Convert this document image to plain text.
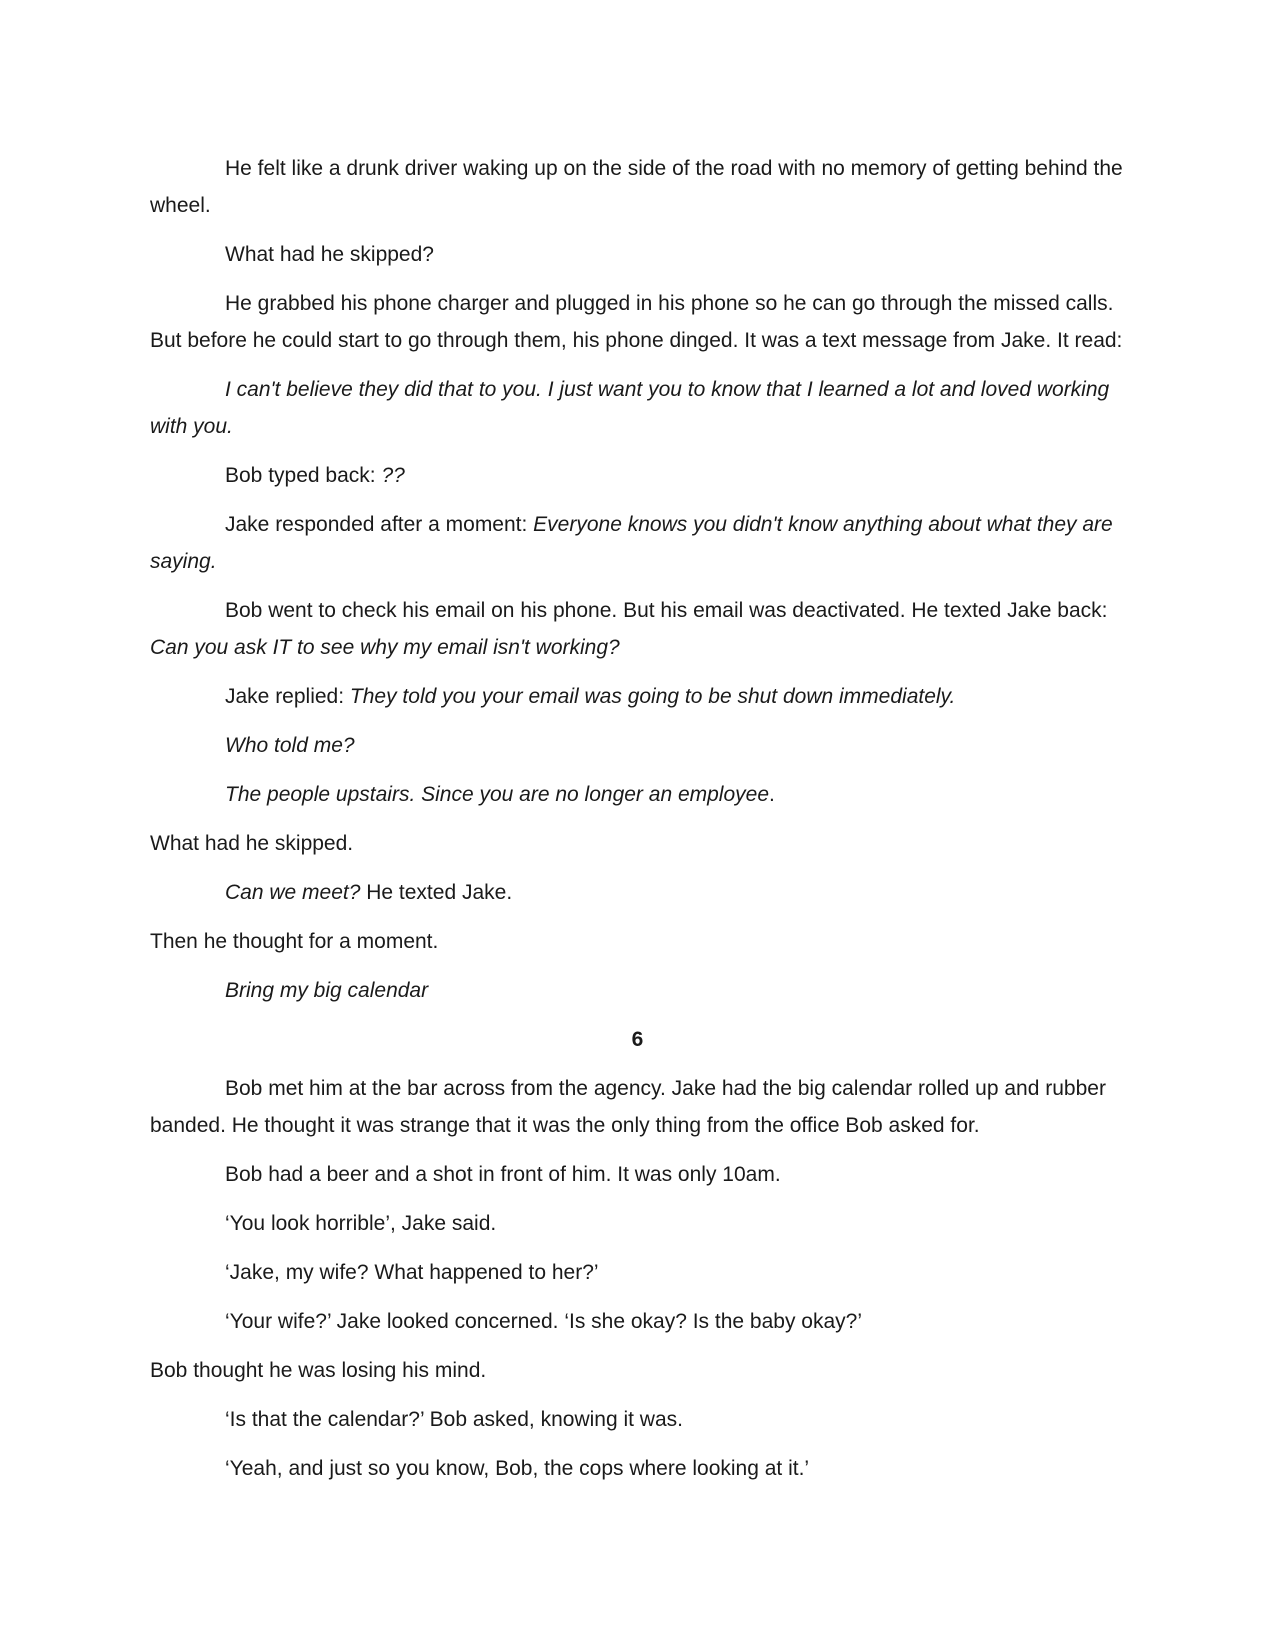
He felt like a drunk driver waking up on the side of the road with no memory of getting behind the wheel.

What had he skipped?

He grabbed his phone charger and plugged in his phone so he can go through the missed calls. But before he could start to go through them, his phone dinged. It was a text message from Jake. It read:

I can't believe they did that to you. I just want you to know that I learned a lot and loved working with you.

Bob typed back: ??

Jake responded after a moment: Everyone knows you didn't know anything about what they are saying.

Bob went to check his email on his phone. But his email was deactivated. He texted Jake back: Can you ask IT to see why my email isn't working?

Jake replied: They told you your email was going to be shut down immediately.

Who told me?

The people upstairs. Since you are no longer an employee.

What had he skipped.

Can we meet? He texted Jake.

Then he thought for a moment.

Bring my big calendar

6

Bob met him at the bar across from the agency. Jake had the big calendar rolled up and rubber banded. He thought it was strange that it was the only thing from the office Bob asked for.

Bob had a beer and a shot in front of him. It was only 10am.

‘You look horrible’, Jake said.

‘Jake, my wife? What happened to her?’

‘Your wife?’ Jake looked concerned. ‘Is she okay? Is the baby okay?’

Bob thought he was losing his mind.

‘Is that the calendar?’ Bob asked, knowing it was.

‘Yeah, and just so you know, Bob, the cops where looking at it.’
